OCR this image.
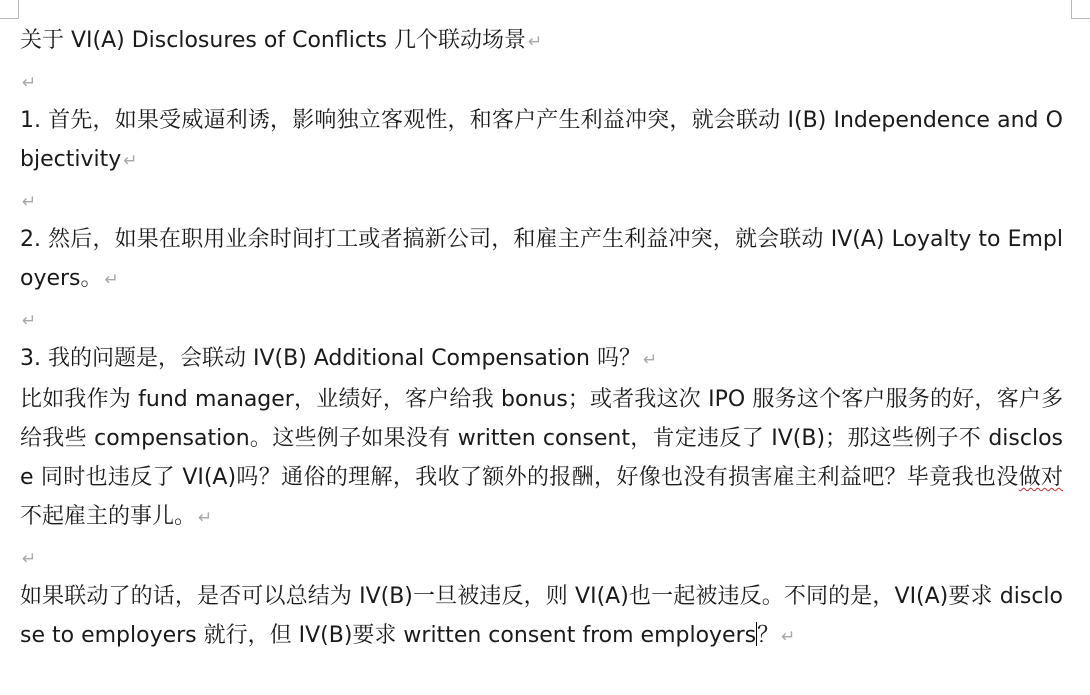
关于 VI(A) Disclosures of Conflicts 几个联动场景 ↵

↵

1. 首先，如果受威逼利诱，影响独立客观性，和客户产生利益冲突，就会联动 I(B) Independence and Objectivity ↵

↵

2. 然后，如果在职用业余时间打工或者搞新公司，和雇主产生利益冲突，就会联动 IV(A) Loyalty to Employers。 ↵

↵

3. 我的问题是，会联动 IV(B) Additional Compensation 吗？ ↵

比如我作为 fund manager，业绩好，客户给我 bonus；或者我这次 IPO 服务这个客户服务的好，客户多给我些 compensation。这些例子如果没有 written consent，肯定违反了 IV(B)；那这些例子不 disclose 同时也违反了 VI(A)吗？通俗的理解，我收了额外的报酬，好像也没有损害雇主利益吧？毕竟我也没做对不起雇主的事儿。 ↵

↵

如果联动了的话，是否可以总结为 IV(B)一旦被违反，则 VI(A)也一起被违反。不同的是，VI(A)要求 disclose to employers 就行，但 IV(B)要求 written consent from employers？ ↵
